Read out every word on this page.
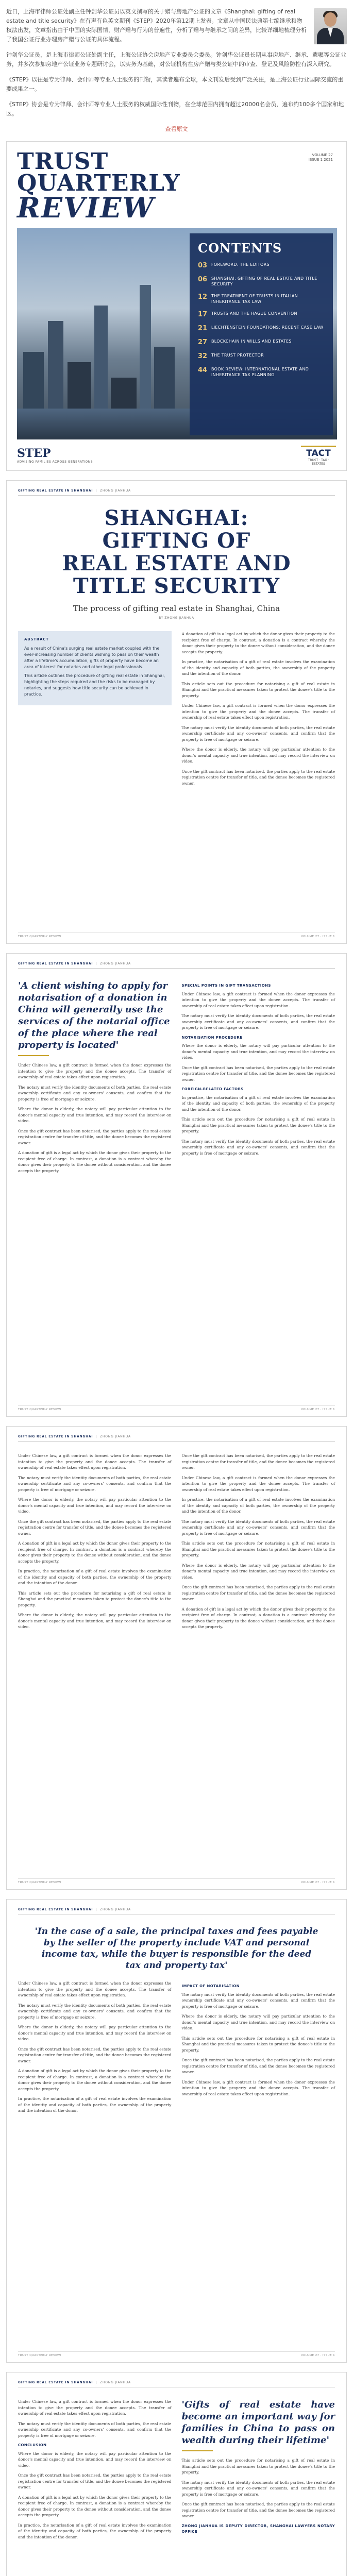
近日，上海市律师公证处副主任钟剑华公证员以英文撰写的关于赠与房地产公证的文章《Shanghai: gifting of real estate and title security》在有声有色英文期刊《STEP》2020年第12期上发表。文章从中国民法典第七编继承和物权法出发，文章指出由于中国的实际国情，财产赠与行为的普遍性，分析了赠与与继承之间的差异，比较详细地梳理分析了我国公证行业办理房产赠与公证的具体流程。

钟剑华公证员，是上海市律师公证处副主任，上海公证协会房地产专业委员会委员。钟剑华公证员长期从事房地产、继承、遗嘱等公证业务，并多次参加房地产公证业务专题研讨会，以实务为基础，对公证机构在房产赠与类公证中的审查、登记及风险防控有深入研究。

《STEP》以往是专为律师、会计师等专业人士服务的刊物，其读者遍布全球，本文刊发后受到广泛关注，是上海公证行业国际交流的重要成果之一。

《STEP》协会是专为律师、会计师等专业人士服务的权威国际性刊物，在全球范围内拥有超过20000名会员，遍布约100多个国家和地区。

查看原文
VOLUME 27
ISSUE 1 2021
TRUST
QUARTERLY
REVIEW
CONTENTS
03 FOREWORD: THE EDITORS
06 SHANGHAI: GIFTING OF REAL ESTATE AND TITLE SECURITY
12 THE TREATMENT OF TRUSTS IN ITALIAN INHERITANCE TAX LAW
17 TRUSTS AND THE HAGUE CONVENTION
21 LIECHTENSTEIN FOUNDATIONS: RECENT CASE LAW
27 BLOCKCHAIN IN WILLS AND ESTATES
32 THE TRUST PROTECTOR
44 BOOK REVIEW: INTERNATIONAL ESTATE AND INHERITANCE TAX PLANNING
STEP
ADVISING FAMILIES ACROSS GENERATIONS
TACT
TRUST · TAX · ESTATES
GIFTING REAL ESTATE IN SHANGHAI  |  ZHONG JIANHUA
SHANGHAI:
GIFTING OF
REAL ESTATE AND
TITLE SECURITY
The process of gifting real estate in Shanghai, China
BY ZHONG JIANHUA
ABSTRACT

As a result of China's surging real estate market coupled with the ever-increasing number of clients wishing to pass on their wealth after a lifetime's accumulation, gifts of property have become an area of interest for notaries and other legal professionals.

This article outlines the procedure of gifting real estate in Shanghai, highlighting the steps required and the risks to be managed by notaries, and suggests how title security can be achieved in practice.

A donation of gift is a legal act by which the donor gives their property to the recipient free of charge. In contrast, a donation is a contract whereby the donor gives their property to the donee without consideration, and the donee accepts the property.

In practice, the notarisation of a gift of real estate involves the examination of the identity and capacity of both parties, the ownership of the property and the intention of the donor.

This article sets out the procedure for notarising a gift of real estate in Shanghai and the practical measures taken to protect the donee's title to the property.

Under Chinese law, a gift contract is formed when the donor expresses the intention to give the property and the donee accepts. The transfer of ownership of real estate takes effect upon registration.

The notary must verify the identity documents of both parties, the real estate ownership certificate and any co-owners' consents, and confirm that the property is free of mortgage or seizure.

Where the donor is elderly, the notary will pay particular attention to the donor's mental capacity and true intention, and may record the interview on video.

Once the gift contract has been notarised, the parties apply to the real estate registration centre for transfer of title, and the donee becomes the registered owner.

TRUST QUARTERLY REVIEW	VOLUME 27 · ISSUE 1
GIFTING REAL ESTATE IN SHANGHAI  |  ZHONG JIANHUA
'A client wishing to apply for notarisation of a donation in China will generally use the services of the notarial office of the place where the real property is located'

Under Chinese law, a gift contract is formed when the donor expresses the intention to give the property and the donee accepts. The transfer of ownership of real estate takes effect upon registration.

The notary must verify the identity documents of both parties, the real estate ownership certificate and any co-owners' consents, and confirm that the property is free of mortgage or seizure.

Where the donor is elderly, the notary will pay particular attention to the donor's mental capacity and true intention, and may record the interview on video.

Once the gift contract has been notarised, the parties apply to the real estate registration centre for transfer of title, and the donee becomes the registered owner.

A donation of gift is a legal act by which the donor gives their property to the recipient free of charge. In contrast, a donation is a contract whereby the donor gives their property to the donee without consideration, and the donee accepts the property.

SPECIAL POINTS IN GIFT TRANSACTIONS

Under Chinese law, a gift contract is formed when the donor expresses the intention to give the property and the donee accepts. The transfer of ownership of real estate takes effect upon registration.

The notary must verify the identity documents of both parties, the real estate ownership certificate and any co-owners' consents, and confirm that the property is free of mortgage or seizure.

NOTARISATION PROCEDURE

Where the donor is elderly, the notary will pay particular attention to the donor's mental capacity and true intention, and may record the interview on video.

Once the gift contract has been notarised, the parties apply to the real estate registration centre for transfer of title, and the donee becomes the registered owner.

FOREIGN-RELATED FACTORS

In practice, the notarisation of a gift of real estate involves the examination of the identity and capacity of both parties, the ownership of the property and the intention of the donor.

This article sets out the procedure for notarising a gift of real estate in Shanghai and the practical measures taken to protect the donee's title to the property.

The notary must verify the identity documents of both parties, the real estate ownership certificate and any co-owners' consents, and confirm that the property is free of mortgage or seizure.

TRUST QUARTERLY REVIEW	VOLUME 27 · ISSUE 1
GIFTING REAL ESTATE IN SHANGHAI  |  ZHONG JIANHUA

Under Chinese law, a gift contract is formed when the donor expresses the intention to give the property and the donee accepts. The transfer of ownership of real estate takes effect upon registration.

The notary must verify the identity documents of both parties, the real estate ownership certificate and any co-owners' consents, and confirm that the property is free of mortgage or seizure.

Where the donor is elderly, the notary will pay particular attention to the donor's mental capacity and true intention, and may record the interview on video.

Once the gift contract has been notarised, the parties apply to the real estate registration centre for transfer of title, and the donee becomes the registered owner.

A donation of gift is a legal act by which the donor gives their property to the recipient free of charge. In contrast, a donation is a contract whereby the donor gives their property to the donee without consideration, and the donee accepts the property.

In practice, the notarisation of a gift of real estate involves the examination of the identity and capacity of both parties, the ownership of the property and the intention of the donor.

This article sets out the procedure for notarising a gift of real estate in Shanghai and the practical measures taken to protect the donee's title to the property.

Where the donor is elderly, the notary will pay particular attention to the donor's mental capacity and true intention, and may record the interview on video.

Once the gift contract has been notarised, the parties apply to the real estate registration centre for transfer of title, and the donee becomes the registered owner.

Under Chinese law, a gift contract is formed when the donor expresses the intention to give the property and the donee accepts. The transfer of ownership of real estate takes effect upon registration.

In practice, the notarisation of a gift of real estate involves the examination of the identity and capacity of both parties, the ownership of the property and the intention of the donor.

The notary must verify the identity documents of both parties, the real estate ownership certificate and any co-owners' consents, and confirm that the property is free of mortgage or seizure.

This article sets out the procedure for notarising a gift of real estate in Shanghai and the practical measures taken to protect the donee's title to the property.

Where the donor is elderly, the notary will pay particular attention to the donor's mental capacity and true intention, and may record the interview on video.

Once the gift contract has been notarised, the parties apply to the real estate registration centre for transfer of title, and the donee becomes the registered owner.

A donation of gift is a legal act by which the donor gives their property to the recipient free of charge. In contrast, a donation is a contract whereby the donor gives their property to the donee without consideration, and the donee accepts the property.

TRUST QUARTERLY REVIEW	VOLUME 27 · ISSUE 1
GIFTING REAL ESTATE IN SHANGHAI  |  ZHONG JIANHUA
'In the case of a sale, the principal taxes and fees payable by the seller of the property include VAT and personal income tax, while the buyer is responsible for the deed tax and property tax'

Under Chinese law, a gift contract is formed when the donor expresses the intention to give the property and the donee accepts. The transfer of ownership of real estate takes effect upon registration.

The notary must verify the identity documents of both parties, the real estate ownership certificate and any co-owners' consents, and confirm that the property is free of mortgage or seizure.

Where the donor is elderly, the notary will pay particular attention to the donor's mental capacity and true intention, and may record the interview on video.

Once the gift contract has been notarised, the parties apply to the real estate registration centre for transfer of title, and the donee becomes the registered owner.

A donation of gift is a legal act by which the donor gives their property to the recipient free of charge. In contrast, a donation is a contract whereby the donor gives their property to the donee without consideration, and the donee accepts the property.

In practice, the notarisation of a gift of real estate involves the examination of the identity and capacity of both parties, the ownership of the property and the intention of the donor.

IMPACT OF NOTARISATION

The notary must verify the identity documents of both parties, the real estate ownership certificate and any co-owners' consents, and confirm that the property is free of mortgage or seizure.

Where the donor is elderly, the notary will pay particular attention to the donor's mental capacity and true intention, and may record the interview on video.

This article sets out the procedure for notarising a gift of real estate in Shanghai and the practical measures taken to protect the donee's title to the property.

Once the gift contract has been notarised, the parties apply to the real estate registration centre for transfer of title, and the donee becomes the registered owner.

Under Chinese law, a gift contract is formed when the donor expresses the intention to give the property and the donee accepts. The transfer of ownership of real estate takes effect upon registration.

TRUST QUARTERLY REVIEW	VOLUME 27 · ISSUE 1
GIFTING REAL ESTATE IN SHANGHAI  |  ZHONG JIANHUA

Under Chinese law, a gift contract is formed when the donor expresses the intention to give the property and the donee accepts. The transfer of ownership of real estate takes effect upon registration.

The notary must verify the identity documents of both parties, the real estate ownership certificate and any co-owners' consents, and confirm that the property is free of mortgage or seizure.

CONCLUSION

Where the donor is elderly, the notary will pay particular attention to the donor's mental capacity and true intention, and may record the interview on video.

Once the gift contract has been notarised, the parties apply to the real estate registration centre for transfer of title, and the donee becomes the registered owner.

A donation of gift is a legal act by which the donor gives their property to the recipient free of charge. In contrast, a donation is a contract whereby the donor gives their property to the donee without consideration, and the donee accepts the property.

In practice, the notarisation of a gift of real estate involves the examination of the identity and capacity of both parties, the ownership of the property and the intention of the donor.

'Gifts of real estate have become an important way for families in China to pass on wealth during their lifetime'

This article sets out the procedure for notarising a gift of real estate in Shanghai and the practical measures taken to protect the donee's title to the property.

The notary must verify the identity documents of both parties, the real estate ownership certificate and any co-owners' consents, and confirm that the property is free of mortgage or seizure.

Once the gift contract has been notarised, the parties apply to the real estate registration centre for transfer of title, and the donee becomes the registered owner.

ZHONG JIANHUA IS DEPUTY DIRECTOR, SHANGHAI LAWYERS NOTARY OFFICE
